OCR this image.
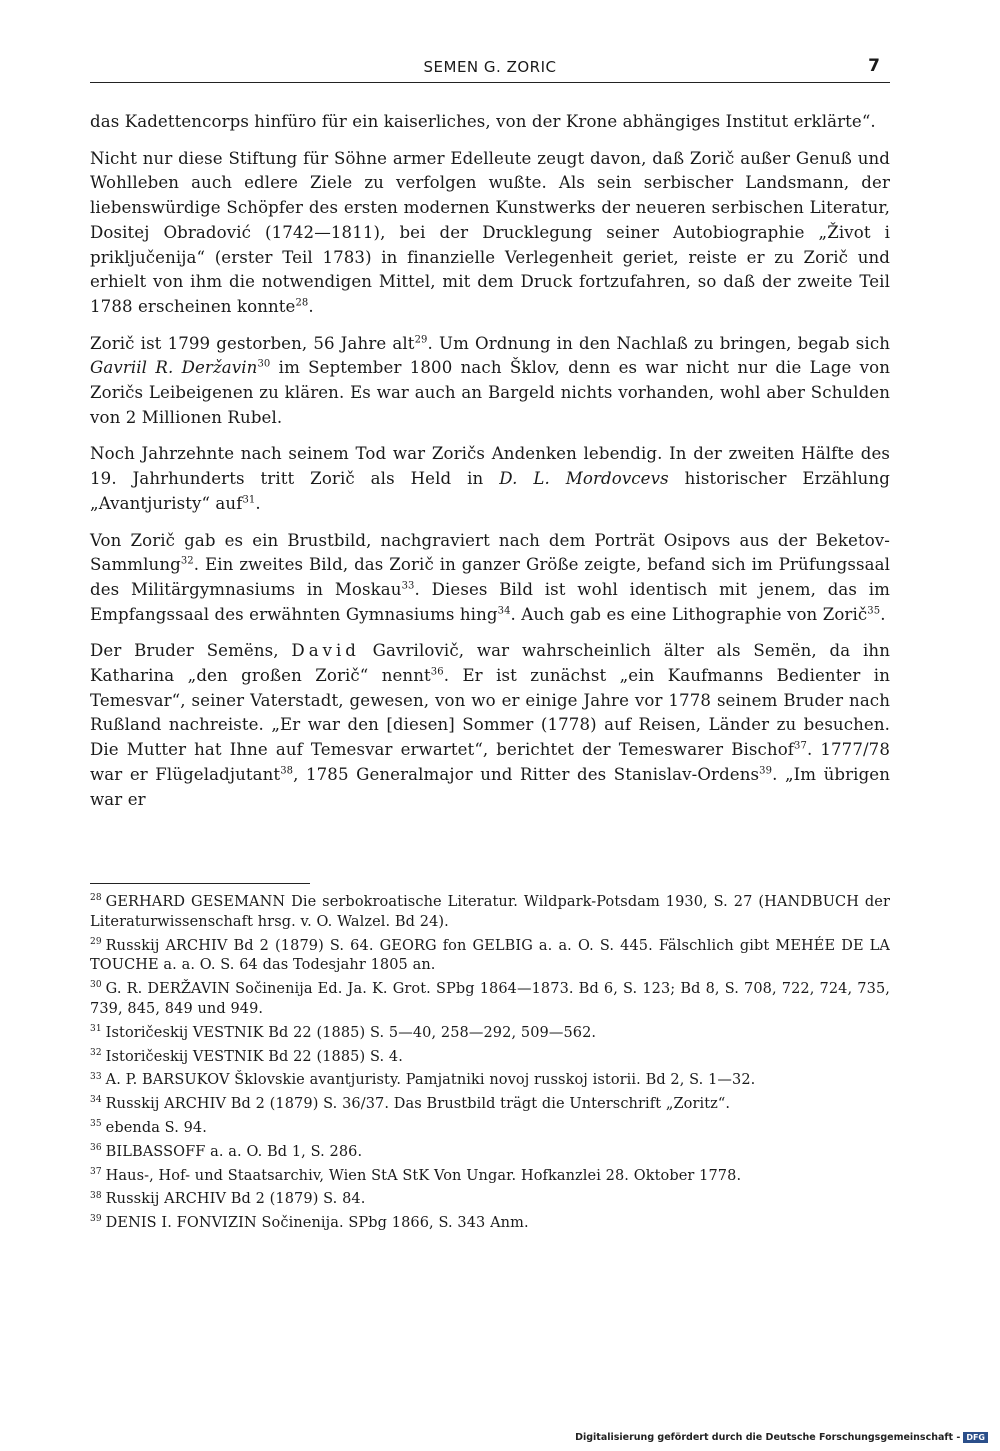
SEMEN G. ZORIC	7

das Kadettencorps hinfüro für ein kaiserliches, von der Krone abhängiges Institut erklärte“.

Nicht nur diese Stiftung für Söhne armer Edelleute zeugt davon, daß Zorič außer Genuß und Wohlleben auch edlere Ziele zu verfolgen wußte. Als sein serbischer Landsmann, der liebenswürdige Schöpfer des ersten modernen Kunstwerks der neueren serbischen Literatur, Dositej Obradović (1742—1811), bei der Drucklegung seiner Autobiographie „Život i priključenija“ (erster Teil 1783) in finanzielle Verlegenheit geriet, reiste er zu Zorič und erhielt von ihm die notwendigen Mittel, mit dem Druck fortzufahren, so daß der zweite Teil 1788 erscheinen konnte$^{28}$.

Zorič ist 1799 gestorben, 56 Jahre alt$^{29}$. Um Ordnung in den Nachlaß zu bringen, begab sich Gavriil R. Deržavin$^{30}$ im September 1800 nach Šklov, denn es war nicht nur die Lage von Zoričs Leibeigenen zu klären. Es war auch an Bargeld nichts vorhanden, wohl aber Schulden von 2 Millionen Rubel.

Noch Jahrzehnte nach seinem Tod war Zoričs Andenken lebendig. In der zweiten Hälfte des 19. Jahrhunderts tritt Zorič als Held in D. L. Mordovcevs historischer Erzählung „Avantjuristy“ auf$^{31}$.

Von Zorič gab es ein Brustbild, nachgraviert nach dem Porträt Osipovs aus der Beketov-Sammlung$^{32}$. Ein zweites Bild, das Zorič in ganzer Größe zeigte, befand sich im Prüfungssaal des Militärgymnasiums in Moskau$^{33}$. Dieses Bild ist wohl identisch mit jenem, das im Empfangssaal des erwähnten Gymnasiums hing$^{34}$. Auch gab es eine Lithographie von Zorič$^{35}$.

Der Bruder Semëns, David Gavrilovič, war wahrscheinlich älter als Semën, da ihn Katharina „den großen Zorič“ nennt$^{36}$. Er ist zunächst „ein Kaufmanns Bedienter in Temesvar“, seiner Vaterstadt, gewesen, von wo er einige Jahre vor 1778 seinem Bruder nach Rußland nachreiste. „Er war den [diesen] Sommer (1778) auf Reisen, Länder zu besuchen. Die Mutter hat Ihne auf Temesvar erwartet“, berichtet der Temeswarer Bischof$^{37}$. 1777/78 war er Flügeladjutant$^{38}$, 1785 Generalmajor und Ritter des Stanislav-Ordens$^{39}$. „Im übrigen war er

$^{28}$ GERHARD GESEMANN Die serbokroatische Literatur. Wildpark-Potsdam 1930, S. 27 (HANDBUCH der Literaturwissenschaft hrsg. v. O. Walzel. Bd 24).

$^{29}$ Russkij ARCHIV Bd 2 (1879) S. 64. GEORG fon GELBIG a. a. O. S. 445. Fälschlich gibt MEHÉE DE LA TOUCHE a. a. O. S. 64 das Todesjahr 1805 an.

$^{30}$ G. R. DERŽAVIN Sočinenija Ed. Ja. K. Grot. SPbg 1864—1873. Bd 6, S. 123; Bd 8, S. 708, 722, 724, 735, 739, 845, 849 und 949.

$^{31}$ Istoričeskij VESTNIK Bd 22 (1885) S. 5—40, 258—292, 509—562.

$^{32}$ Istoričeskij VESTNIK Bd 22 (1885) S. 4.

$^{33}$ A. P. BARSUKOV Šklovskie avantjuristy. Pamjatniki novoj russkoj istorii. Bd 2, S. 1—32.

$^{34}$ Russkij ARCHIV Bd 2 (1879) S. 36/37. Das Brustbild trägt die Unterschrift „Zoritz“.

$^{35}$ ebenda S. 94.

$^{36}$ BILBASSOFF a. a. O. Bd 1, S. 286.

$^{37}$ Haus-, Hof- und Staatsarchiv, Wien StA StK Von Ungar. Hofkanzlei 28. Oktober 1778.

$^{38}$ Russkij ARCHIV Bd 2 (1879) S. 84.

$^{39}$ DENIS I. FONVIZIN Sočinenija. SPbg 1866, S. 343 Anm.

Digitalisierung gefördert durch die Deutsche Forschungsgemeinschaft - DFG
